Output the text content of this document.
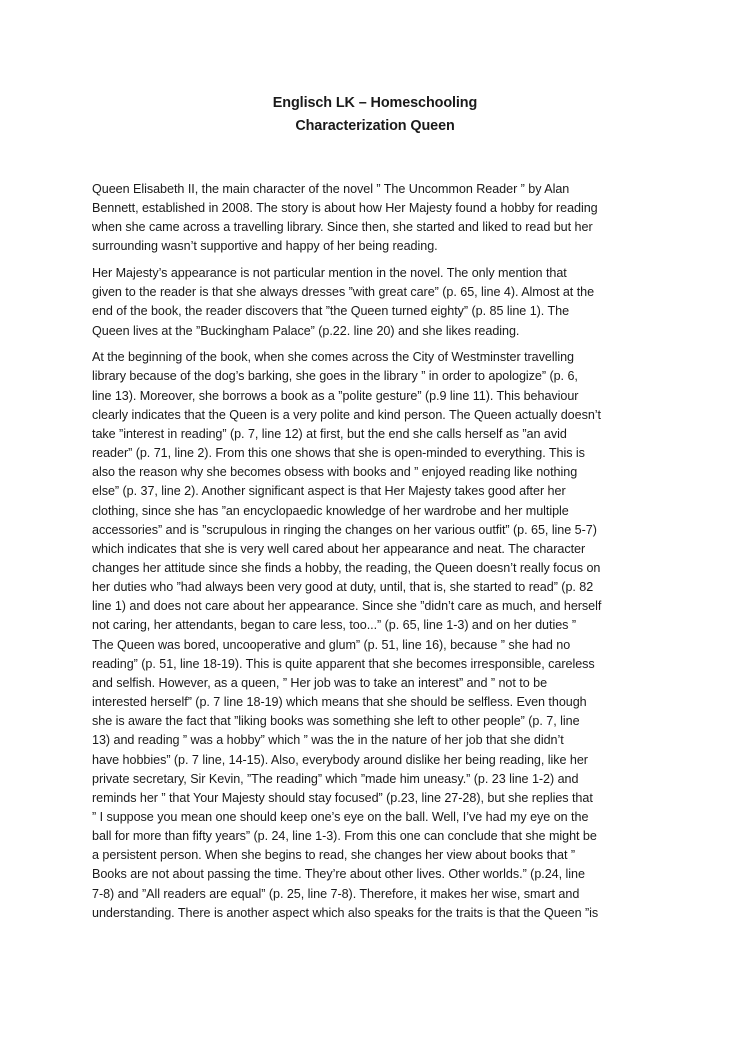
Englisch LK – Homeschooling
Characterization Queen
Queen Elisabeth II, the main character of the novel ” The Uncommon Reader ” by Alan
Bennett, established in 2008. The story is about how Her Majesty found a hobby for reading
when she came across a travelling library. Since then, she started and liked to read but her
surrounding wasn’t supportive and happy of her being reading.
Her Majesty’s appearance is not particular mention in the novel. The only mention that
given to the reader is that she always dresses ”with great care” (p. 65, line 4). Almost at the
end of the book, the reader discovers that ”the Queen turned eighty” (p. 85 line 1). The
Queen lives at the ”Buckingham Palace” (p.22. line 20) and she likes reading.
At the beginning of the book, when she comes across the City of Westminster travelling
library because of the dog’s barking, she goes in the library ” in order to apologize” (p. 6,
line 13). Moreover, she borrows a book as a ”polite gesture” (p.9 line 11). This behaviour
clearly indicates that the Queen is a very polite and kind person. The Queen actually doesn’t
take ”interest in reading” (p. 7, line 12) at first, but the end she calls herself as ”an avid
reader” (p. 71, line 2). From this one shows that she is open-minded to everything. This is
also the reason why she becomes obsess with books and ” enjoyed reading like nothing
else” (p. 37, line 2). Another significant aspect is that Her Majesty takes good after her
clothing, since she has ”an encyclopaedic knowledge of her wardrobe and her multiple
accessories” and is ”scrupulous in ringing the changes on her various outfit” (p. 65, line 5-7)
which indicates that she is very well cared about her appearance and neat. The character
changes her attitude since she finds a hobby, the reading, the Queen doesn’t really focus on
her duties who ”had always been very good at duty, until, that is, she started to read” (p. 82
line 1) and does not care about her appearance. Since she ”didn’t care as much, and herself
not caring, her attendants, began to care less, too...” (p. 65, line 1-3) and on her duties ”
The Queen was bored, uncooperative and glum” (p. 51, line 16), because ” she had no
reading” (p. 51, line 18-19). This is quite apparent that she becomes irresponsible, careless
and selfish. However, as a queen, ” Her job was to take an interest” and ” not to be
interested herself” (p. 7 line 18-19) which means that she should be selfless. Even though
she is aware the fact that ”liking books was something she left to other people” (p. 7, line
13) and reading ” was a hobby” which ” was the in the nature of her job that she didn’t
have hobbies” (p. 7 line, 14-15). Also, everybody around dislike her being reading, like her
private secretary, Sir Kevin, ”The reading” which ”made him uneasy.” (p. 23 line 1-2) and
reminds her ” that Your Majesty should stay focused” (p.23, line 27-28), but she replies that
” I suppose you mean one should keep one’s eye on the ball. Well, I’ve had my eye on the
ball for more than fifty years” (p. 24, line 1-3). From this one can conclude that she might be
a persistent person. When she begins to read, she changes her view about books that ”
Books are not about passing the time. They’re about other lives. Other worlds.” (p.24, line
7-8) and ”All readers are equal” (p. 25, line 7-8). Therefore, it makes her wise, smart and
understanding. There is another aspect which also speaks for the traits is that the Queen ”is
